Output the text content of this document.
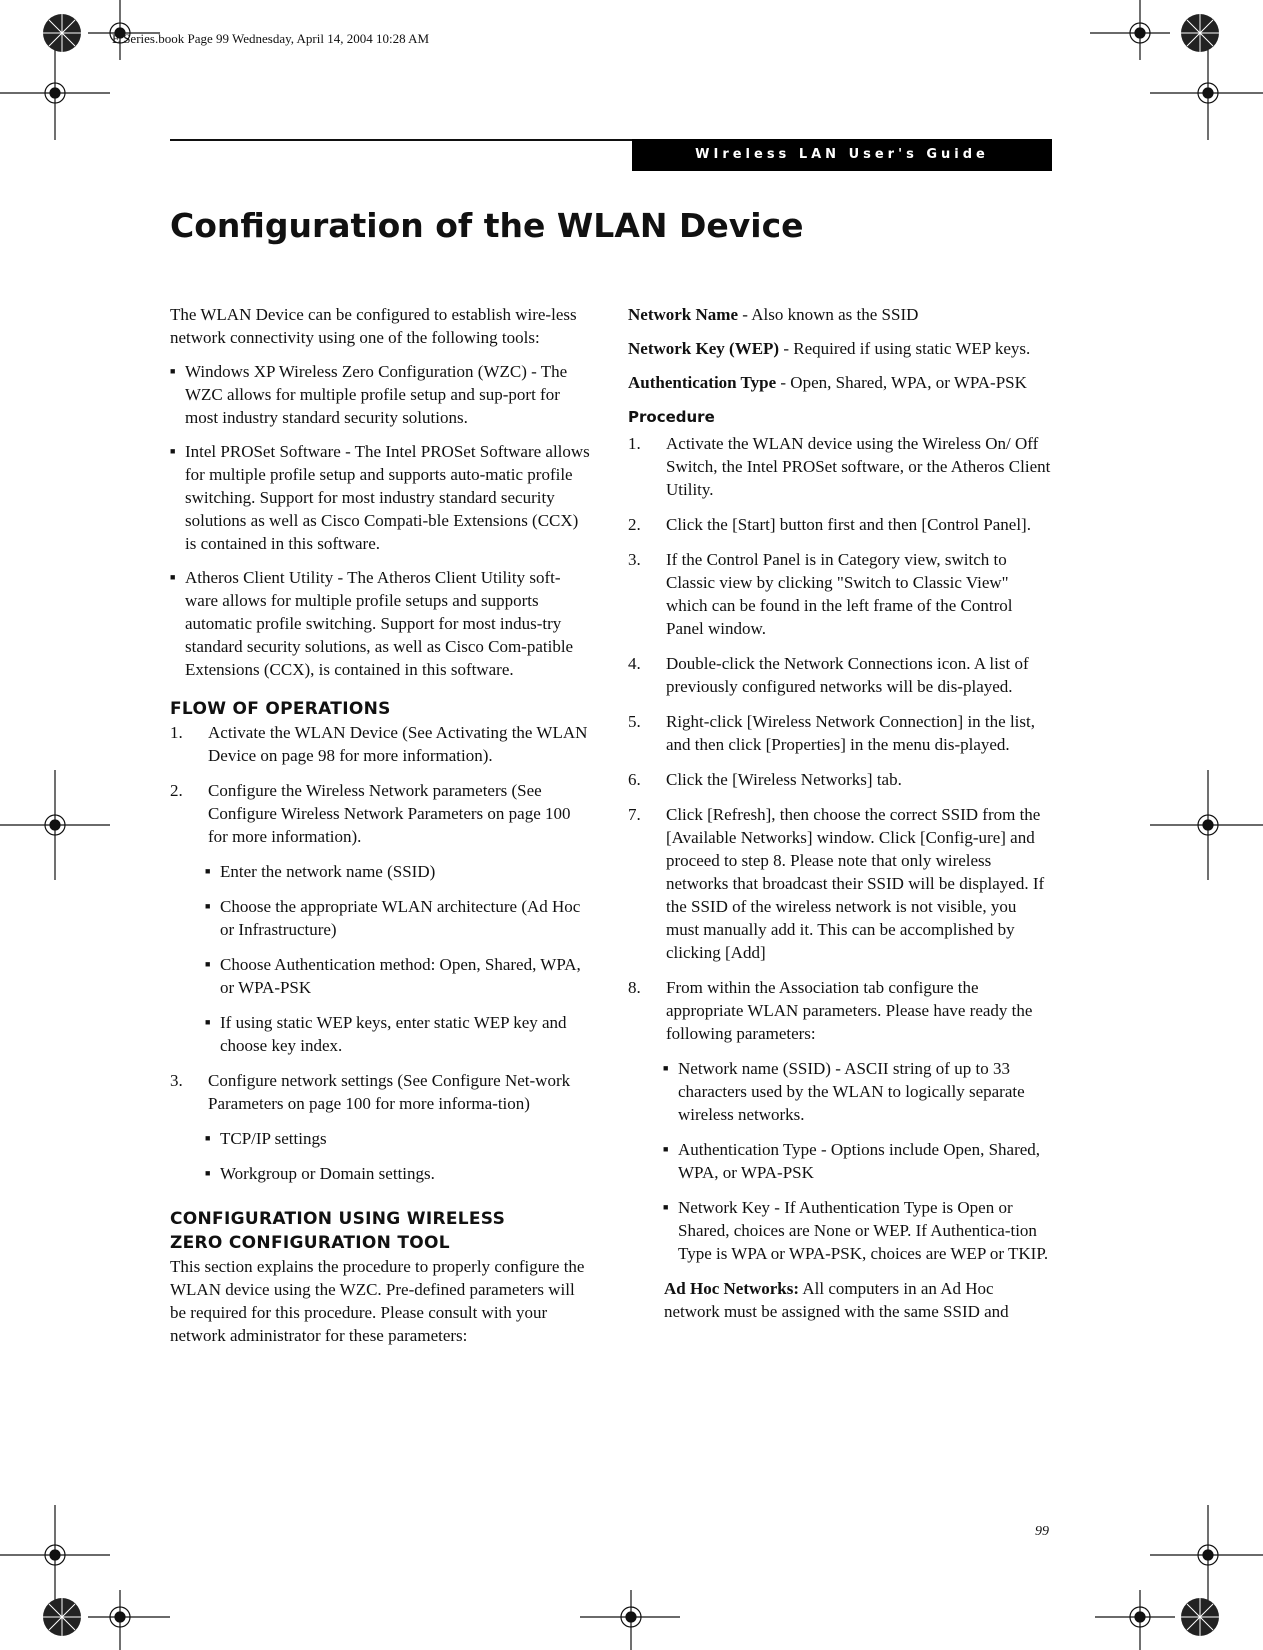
E Series.book Page 99 Wednesday, April 14, 2004 10:28 AM
WIreless LAN User's Guide
Configuration of the WLAN Device

The WLAN Device can be configured to establish wire-less network connectivity using one of the following tools:

■ Windows XP Wireless Zero Configuration (WZC) - The WZC allows for multiple profile setup and sup-port for most industry standard security solutions.
■ Intel PROSet Software - The Intel PROSet Software allows for multiple profile setup and supports auto-matic profile switching. Support for most industry standard security solutions as well as Cisco Compati-ble Extensions (CCX) is contained in this software.
■ Atheros Client Utility - The Atheros Client Utility soft-ware allows for multiple profile setups and supports automatic profile switching. Support for most indus-try standard security solutions, as well as Cisco Com-patible Extensions (CCX), is contained in this software.
FLOW OF OPERATIONS
1. Activate the WLAN Device (See Activating the WLAN Device on page 98 for more information).
2. Configure the Wireless Network parameters (See Configure Wireless Network Parameters on page 100 for more information).
■ Enter the network name (SSID)
■ Choose the appropriate WLAN architecture (Ad Hoc or Infrastructure)
■ Choose Authentication method: Open, Shared, WPA, or WPA-PSK
■ If using static WEP keys, enter static WEP key and choose key index.
3. Configure network settings (See Configure Net-work Parameters on page 100 for more informa-tion)
■ TCP/IP settings
■ Workgroup or Domain settings.
CONFIGURATION USING WIRELESS
ZERO CONFIGURATION TOOL

This section explains the procedure to properly configure the WLAN device using the WZC. Pre-defined parameters will be required for this procedure. Please consult with your network administrator for these parameters:

Network Name - Also known as the SSID

Network Key (WEP) - Required if using static WEP keys.

Authentication Type - Open, Shared, WPA, or WPA-PSK

Procedure
1. Activate the WLAN device using the Wireless On/ Off Switch, the Intel PROSet software, or the Atheros Client Utility.
2. Click the [Start] button first and then [Control Panel].
3. If the Control Panel is in Category view, switch to Classic view by clicking "Switch to Classic View" which can be found in the left frame of the Control Panel window.
4. Double-click the Network Connections icon. A list of previously configured networks will be dis-played.
5. Right-click [Wireless Network Connection] in the list, and then click [Properties] in the menu dis-played.
6. Click the [Wireless Networks] tab.
7. Click [Refresh], then choose the correct SSID from the [Available Networks] window. Click [Config-ure] and proceed to step 8. Please note that only wireless networks that broadcast their SSID will be displayed. If the SSID of the wireless network is not visible, you must manually add it. This can be accomplished by clicking [Add]
8. From within the Association tab configure the appropriate WLAN parameters. Please have ready the following parameters:
■ Network name (SSID) - ASCII string of up to 33 characters used by the WLAN to logically separate wireless networks.
■ Authentication Type - Options include Open, Shared, WPA, or WPA-PSK
■ Network Key - If Authentication Type is Open or Shared, choices are None or WEP. If Authentica-tion Type is WPA or WPA-PSK, choices are WEP or TKIP.

Ad Hoc Networks: All computers in an Ad Hoc network must be assigned with the same SSID and

99
